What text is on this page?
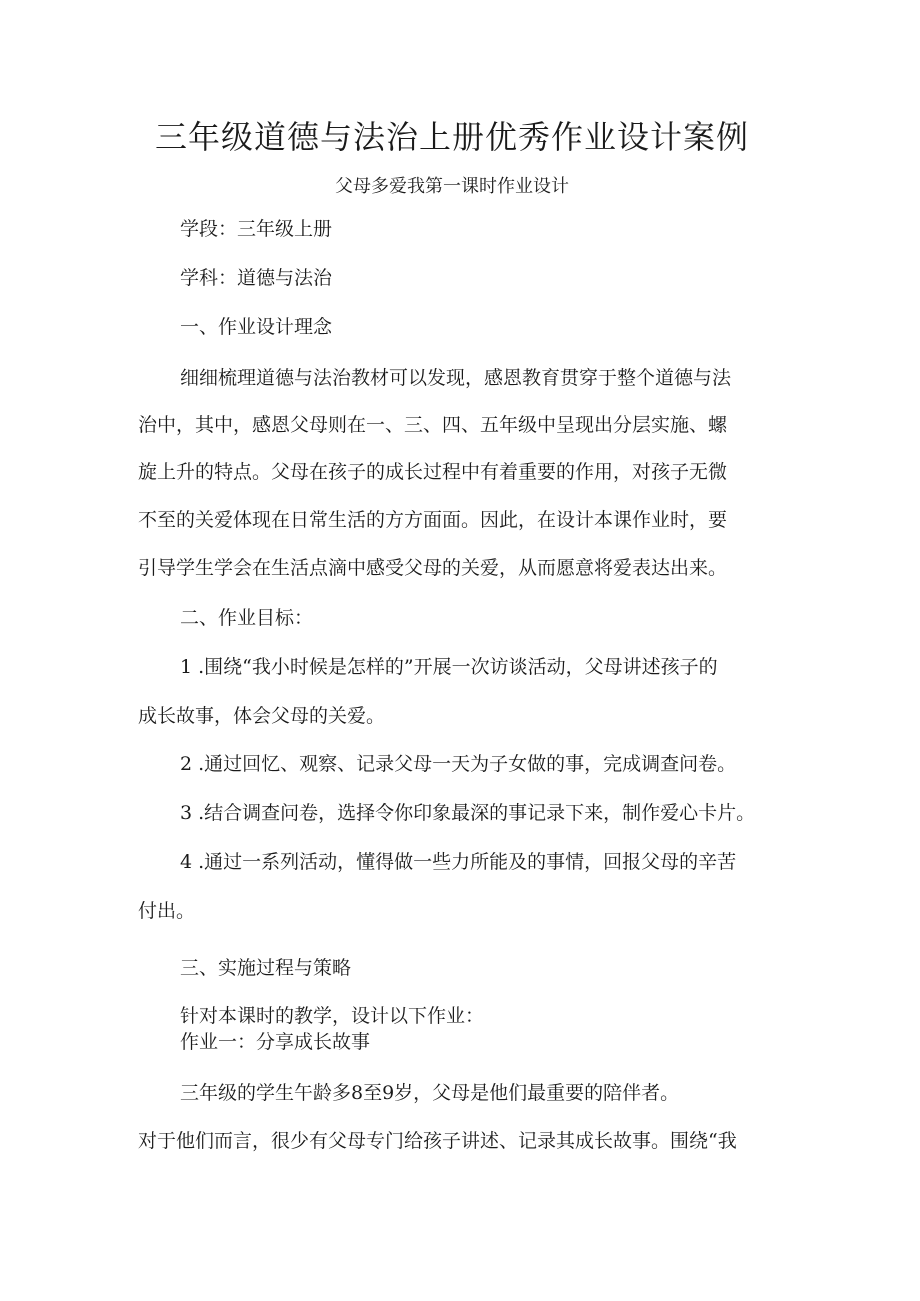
三年级道德与法治上册优秀作业设计案例
父母多爱我第一课时作业设计
学段：三年级上册
学科：道德与法治
一、作业设计理念
细细梳理道德与法治教材可以发现，感恩教育贯穿于整个道德与法
治中，其中，感恩父母则在一、三、四、五年级中呈现出分层实施、螺
旋上升的特点。父母在孩子的成长过程中有着重要的作用，对孩子无微
不至的关爱体现在日常生活的方方面面。因此，在设计本课作业时，要
引导学生学会在生活点滴中感受父母的关爱，从而愿意将爱表达出来。
二、作业目标：
1 .围绕“我小时候是怎样的”开展一次访谈活动，父母讲述孩子的
成长故事，体会父母的关爱。
2 .通过回忆、观察、记录父母一天为子女做的事，完成调查问卷。
3 .结合调查问卷，选择令你印象最深的事记录下来，制作爱心卡片。
4 .通过一系列活动，懂得做一些力所能及的事情，回报父母的辛苦
付出。
三、实施过程与策略
针对本课时的教学，设计以下作业：
作业一：分享成长故事
三年级的学生午龄多8至9岁，父母是他们最重要的陪伴者。
对于他们而言，很少有父母专门给孩子讲述、记录其成长故事。围绕“我
